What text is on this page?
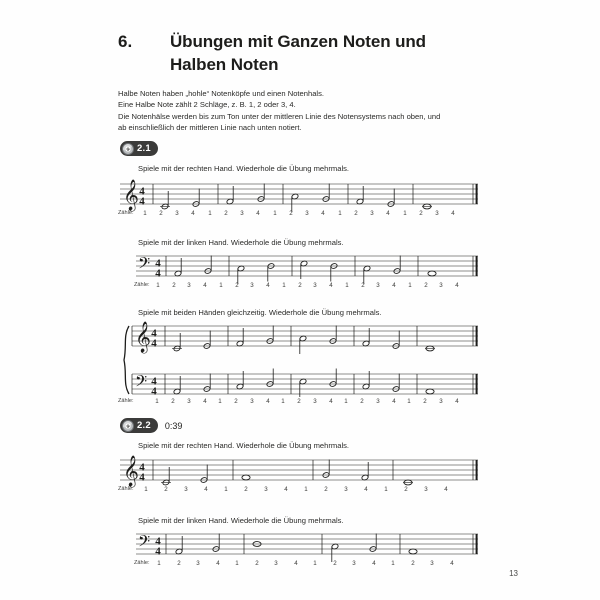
6.	Übungen mit Ganzen Noten und
Halben Noten
Halbe Noten haben „hohle“ Notenköpfe und einen Notenhals.
Eine Halbe Note zählt 2 Schläge, z. B. 1, 2 oder 3, 4.
Die Notenhälse werden bis zum Ton unter der mittleren Linie des Notensystems nach oben, und
ab einschließlich der mittleren Linie nach unten notiert.
2.1
Spiele mit der rechten Hand. Wiederhole die Übung mehrmals.
𝄞 4
4
Zähle:	1	2	3	4	1	2	3	4	1	2	3	4	1	2	3	4	1	2	3	4
Spiele mit der linken Hand. Wiederhole die Übung mehrmals.
𝄢 4
4
Zähle:	1	2	3	4	1	2	3	4	1	2	3	4	1	2	3	4	1	2	3	4
Spiele mit beiden Händen gleichzeitig. Wiederhole die Übung mehrmals.
𝄞
𝄢
4
4
4
4
Zähle:	1	2	3	4	1	2	3	4	1	2	3	4	1	2	3	4	1	2	3	4
2.2 0:39
Spiele mit der rechten Hand. Wiederhole die Übung mehrmals.
𝄞 4
4
Zähle:	1	2	3	4	1	2	3	4	1	2	3	4	1	2	3	4
Spiele mit der linken Hand. Wiederhole die Übung mehrmals.
𝄢 4
4
Zähle:	1	2	3	4	1	2	3	4	1	2	3	4	1	2	3	4
13
